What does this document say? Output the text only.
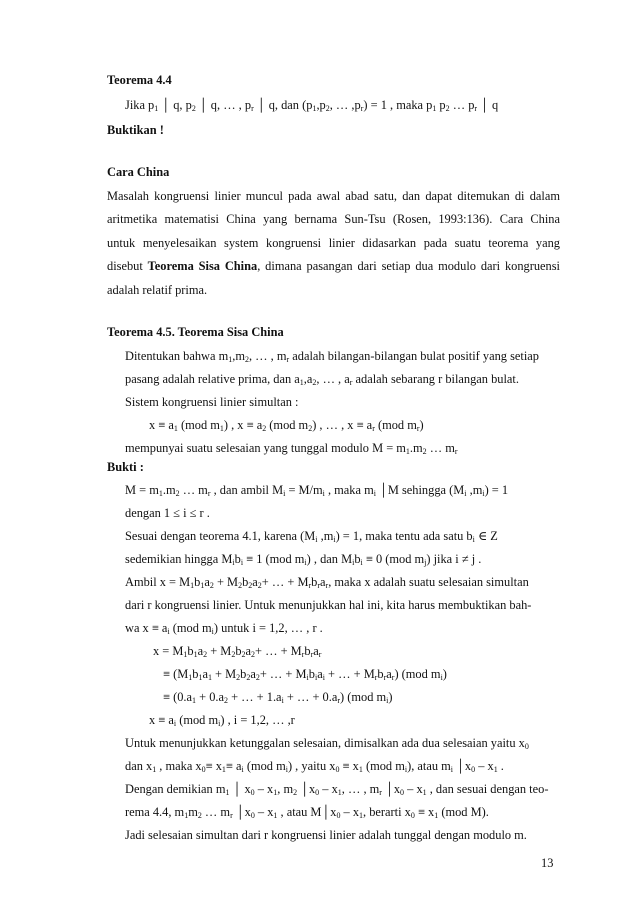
Teorema 4.4
Jika $p_1$ │ q, $p_2$ │ q, … , $p_r$ │ q, dan ($p_1,p_2$, … $,p_r) = 1$ , maka $p_1$ $p_2$ … $p_r$ │ q
Buktikan !
Cara China
Masalah kongruensi linier muncul pada awal abad satu, dan dapat ditemukan di dalam
aritmetika matematisi China yang bernama Sun-Tsu (Rosen, 1993:136). Cara China
untuk menyelesaikan system kongruensi linier didasarkan pada suatu teorema yang
disebut Teorema Sisa China, dimana pasangan dari setiap dua modulo dari kongruensi
adalah relatif prima.
Teorema 4.5. Teorema Sisa China
Ditentukan bahwa $m_1,m_2$, … , $m_r$ adalah bilangan-bilangan bulat positif yang setiap
pasang adalah relative prima, dan $a_1,a_2$, … , $a_r$ adalah sebarang r bilangan bulat.
Sistem kongruensi linier simultan :
$x \equiv a_1$ (mod $m_1$) , $x \equiv a_2$ (mod $m_2$) , … , $x \equiv a_r$ (mod $m_r$)
mempunyai suatu selesaian yang tunggal modulo $M = m_1.m_2$ … $m_r$
Bukti :
$M = m_1.m_2$ … $m_r$ , dan ambil $M_i = M/m_i$ , maka $m_i$ │M sehingga ($M_i$ $,m_i) = 1$
dengan 1 ≤ i ≤ r .
Sesuai dengan teorema 4.1, karena ($M_i$ $,m_i) = 1$, maka tentu ada satu $b_i$ ∈ Z
sedemikian hingga $M_ib_i \equiv 1$ (mod $m_i$) , dan $M_ib_i \equiv 0$ (mod $m_j$) jika i ≠ j .
Ambil $x = M_1b_1a_2 + M_2b_2a_2+$ … + $M_rb_ra_r$, maka x adalah suatu selesaian simultan
dari r kongruensi linier. Untuk menunjukkan hal ini, kita harus membuktikan bah-
wa $x \equiv a_i$ (mod $m_i$) untuk i = 1,2, … , r .
$x = M_1b_1a_2 + M_2b_2a_2+$ … + $M_rb_ra_r$
≡ ($M_1b_1a_1 + M_2b_2a_2+$ … + $M_ib_ia_i$ + … + $M_rb_ra_r$) (mod $m_i$)
≡ ($0.a_1 + 0.a_2$ + … + $1.a_i$ + … + $0.a_r$) (mod $m_i$)
$x \equiv a_i$ (mod $m_i$) , i = 1,2, … ,r
Untuk menunjukkan ketunggalan selesaian, dimisalkan ada dua selesaian yaitu $x_0$
dan $x_1$ , maka $x_0\equiv x_1\equiv a_i$ (mod $m_i$) , yaitu $x_0 \equiv x_1$ (mod $m_i$), atau $m_i$ $│x_0 - x_1$ .
Dengan demikian $m_1$ │ $x_0 - x_1$, $m_2$ $│x_0 - x_1$, … , $m_r$ $│x_0 - x_1$ , dan sesuai dengan teo-
rema 4.4, $m_1m_2$ … $m_r$ $│x_0 - x_1$ , atau $M│x_0 - x_1$, berarti $x_0 \equiv x_1$ (mod M).
Jadi selesaian simultan dari r kongruensi linier adalah tunggal dengan modulo m.
13
